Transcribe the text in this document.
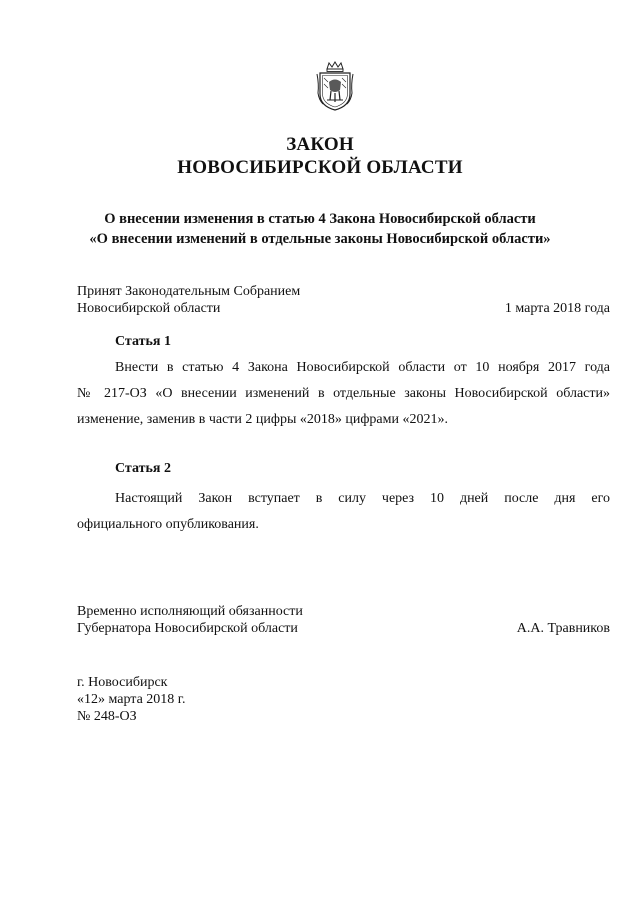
ЗАКОН
НОВОСИБИРСКОЙ ОБЛАСТИ
О внесении изменения в статью 4 Закона Новосибирской области
«О внесении изменений в отдельные законы Новосибирской области»
Принят Законодательным Собранием
Новосибирской области	1 марта 2018 года
Статья 1
Внести в статью 4 Закона Новосибирской области от 10 ноября 2017 года
№ 217-ОЗ «О внесении изменений в отдельные законы Новосибирской области»
изменение, заменив в части 2 цифры «2018» цифрами «2021».
Статья 2
Настоящий Закон вступает в силу через 10 дней после дня его
официального опубликования.
Временно исполняющий обязанности
Губернатора Новосибирской области	А.А. Травников
г. Новосибирск
«12» марта 2018 г.
№ 248-ОЗ
